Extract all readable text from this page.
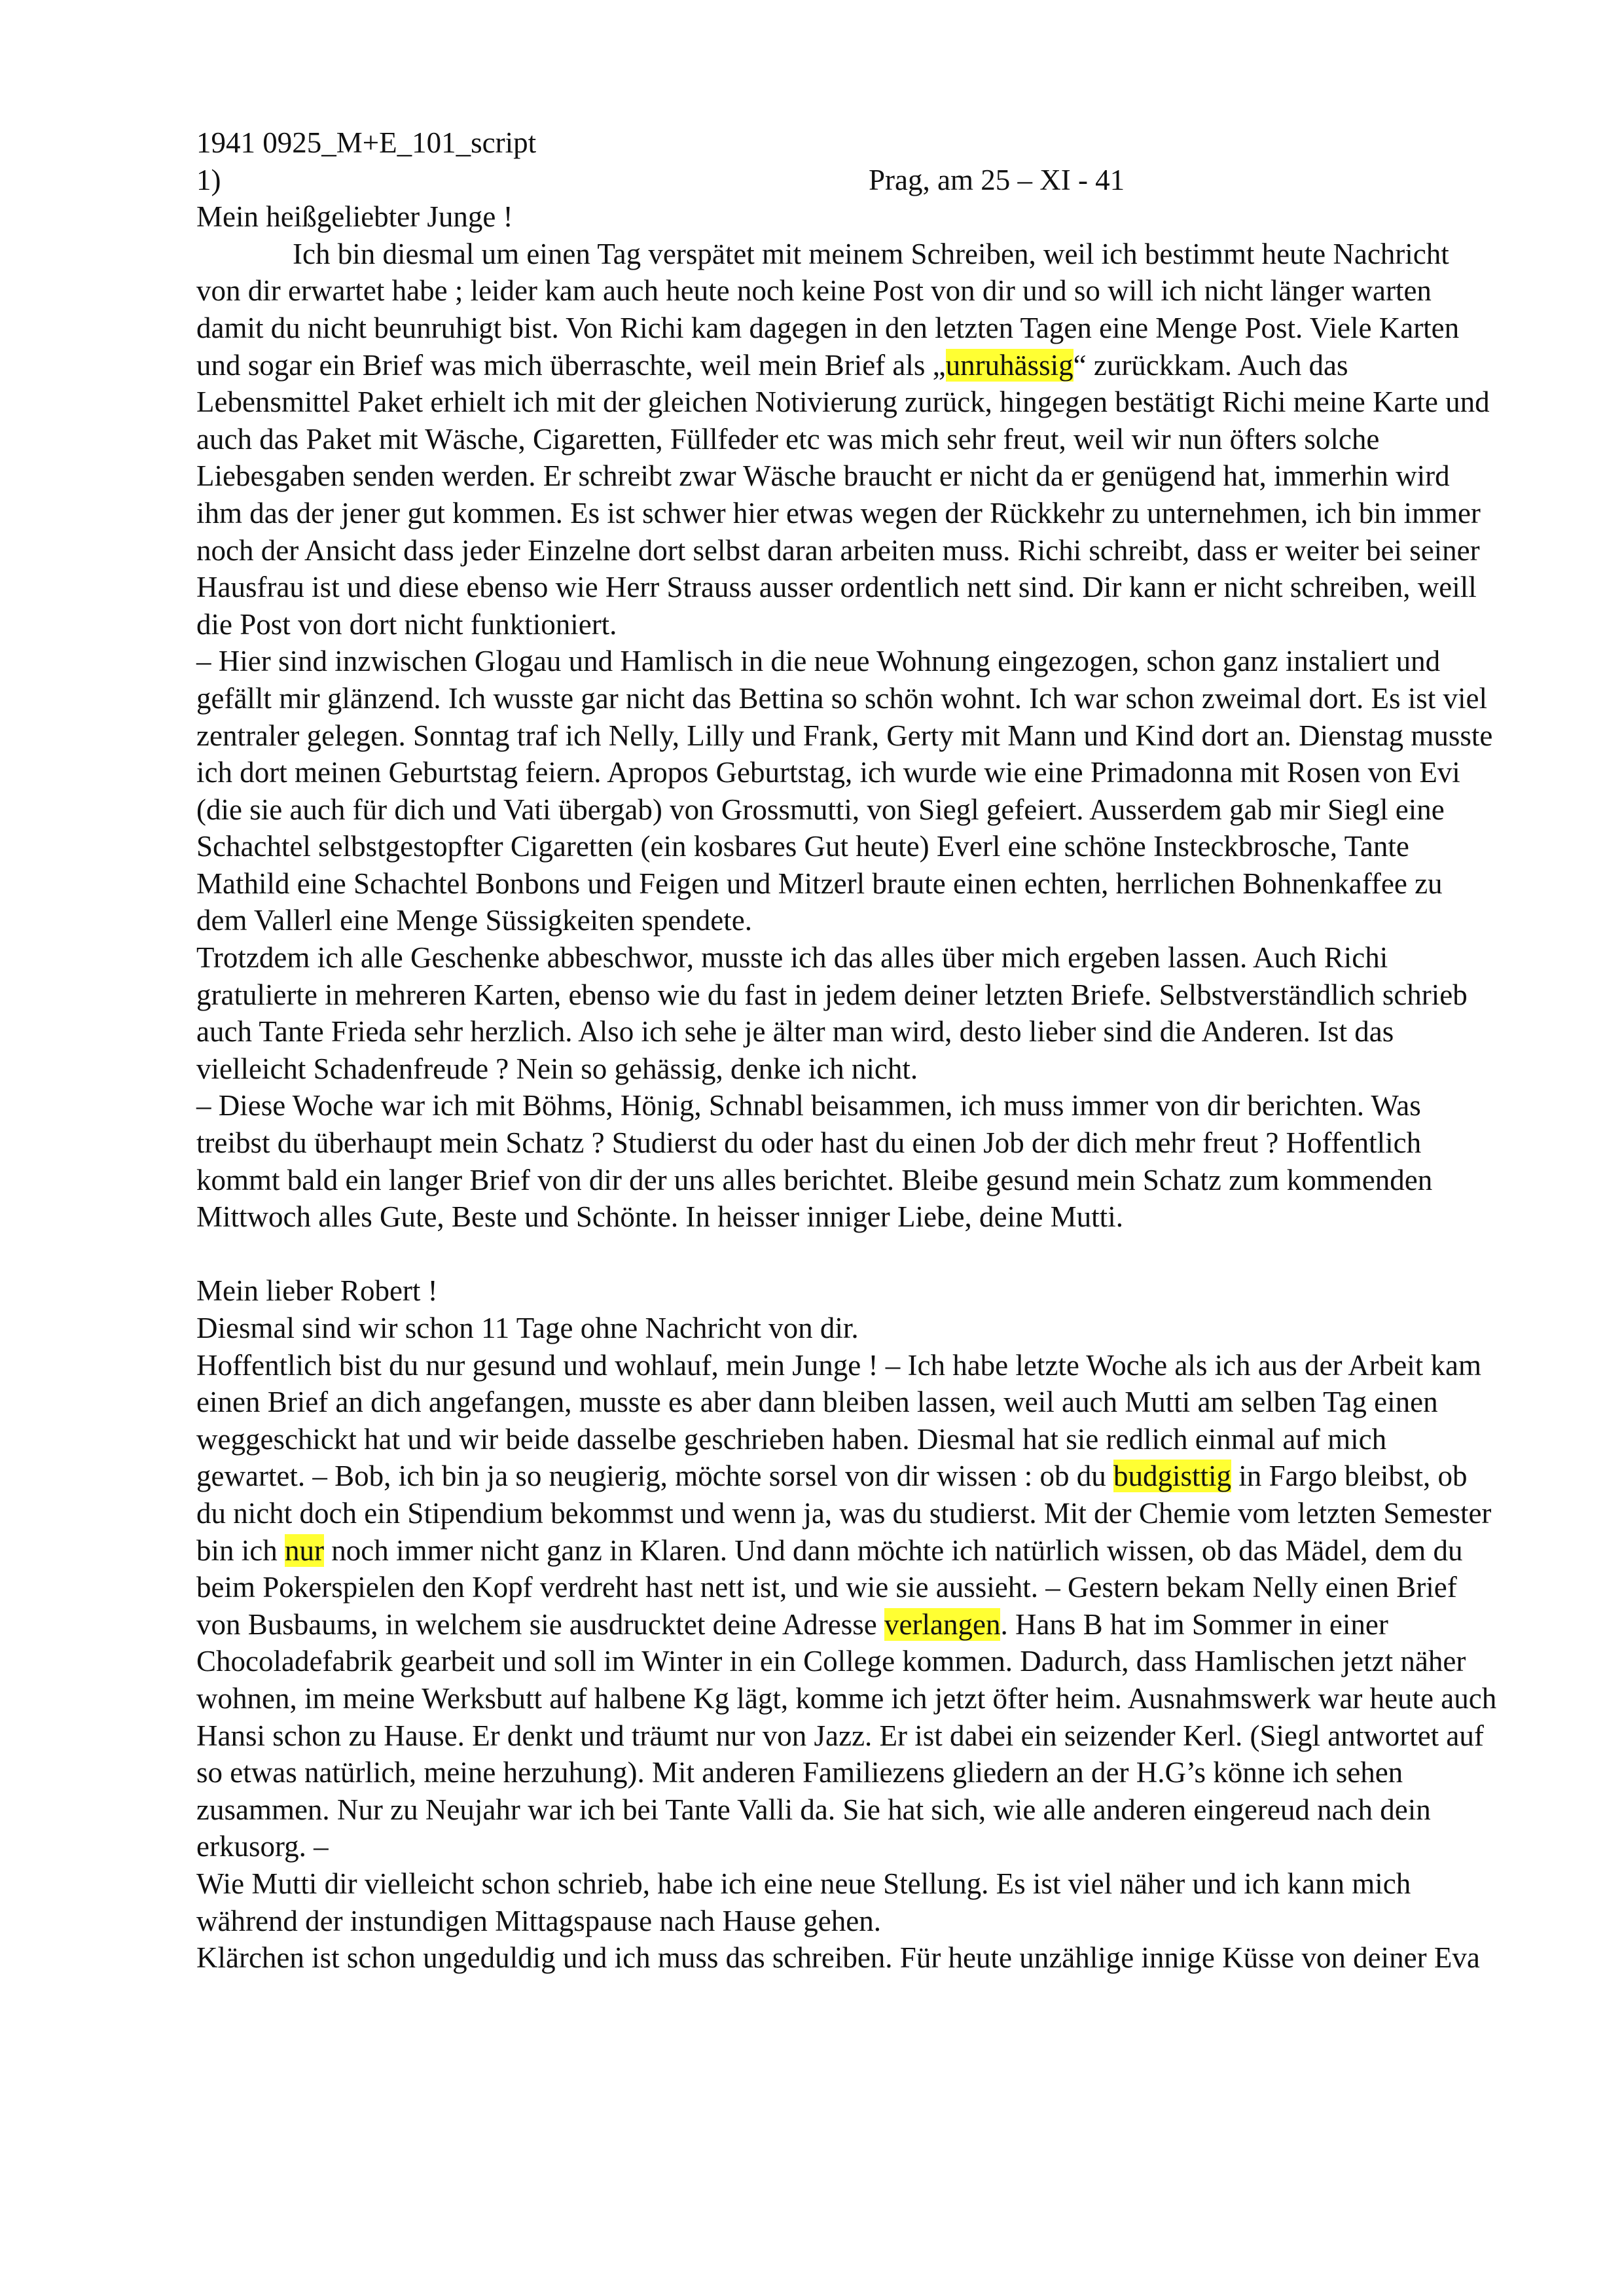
1941 0925_M+E_101_script

1)	Prag, am 25 – XI - 41

Mein heißgeliebter Junge !

Ich bin diesmal um einen Tag verspätet mit meinem Schreiben, weil ich bestimmt heute Nachricht von dir erwartet habe ; leider kam auch heute noch keine Post von dir und so will ich nicht länger warten damit du nicht beunruhigt bist. Von Richi kam dagegen in den letzten Tagen eine Menge Post. Viele Karten und sogar ein Brief was mich überraschte, weil mein Brief als „unruhässig“ zurückkam. Auch das Lebensmittel Paket erhielt ich mit der gleichen Notivierung zurück, hingegen bestätigt Richi meine Karte und auch das Paket mit Wäsche, Cigaretten, Füllfeder etc was mich sehr freut, weil wir nun öfters solche Liebesgaben senden werden. Er schreibt zwar Wäsche braucht er nicht da er genügend hat, immerhin wird ihm das der jener gut kommen. Es ist schwer hier etwas wegen der Rückkehr zu unternehmen, ich bin immer noch der Ansicht dass jeder Einzelne dort selbst daran arbeiten muss. Richi schreibt, dass er weiter bei seiner Hausfrau ist und diese ebenso wie Herr Strauss ausser ordentlich nett sind. Dir kann er nicht schreiben, weill die Post von dort nicht funktioniert.

– Hier sind inzwischen Glogau und Hamlisch in die neue Wohnung eingezogen, schon ganz instaliert und gefällt mir glänzend. Ich wusste gar nicht das Bettina so schön wohnt. Ich war schon zweimal dort. Es ist viel zentraler gelegen. Sonntag traf ich Nelly, Lilly und Frank, Gerty mit Mann und Kind dort an. Dienstag musste ich dort meinen Geburtstag feiern. Apropos Geburtstag, ich wurde wie eine Primadonna mit Rosen von Evi (die sie auch für dich und Vati übergab) von Grossmutti, von Siegl gefeiert. Ausserdem gab mir Siegl eine Schachtel selbstgestopfter Cigaretten (ein kosbares Gut heute) Everl eine schöne Insteckbrosche, Tante Mathild eine Schachtel Bonbons und Feigen und Mitzerl braute einen echten, herrlichen Bohnenkaffee zu dem Vallerl eine Menge Süssigkeiten spendete.

Trotzdem ich alle Geschenke abbeschwor, musste ich das alles über mich ergeben lassen. Auch Richi gratulierte in mehreren Karten, ebenso wie du fast in jedem deiner letzten Briefe. Selbstverständlich schrieb auch Tante Frieda sehr herzlich. Also ich sehe je älter man wird, desto lieber sind die Anderen. Ist das vielleicht Schadenfreude ? Nein so gehässig, denke ich nicht.

– Diese Woche war ich mit Böhms, Hönig, Schnabl beisammen, ich muss immer von dir berichten. Was treibst du überhaupt mein Schatz ? Studierst du oder hast du einen Job der dich mehr freut ? Hoffentlich kommt bald ein langer Brief von dir der uns alles berichtet. Bleibe gesund mein Schatz zum kommenden Mittwoch alles Gute, Beste und Schönte. In heisser inniger Liebe, deine Mutti.

Mein lieber Robert !

Diesmal sind wir schon 11 Tage ohne Nachricht von dir.

Hoffentlich bist du nur gesund und wohlauf, mein Junge ! – Ich habe letzte Woche als ich aus der Arbeit kam einen Brief an dich angefangen, musste es aber dann bleiben lassen, weil auch Mutti am selben Tag einen weggeschickt hat und wir beide dasselbe geschrieben haben. Diesmal hat sie redlich einmal auf mich gewartet. – Bob, ich bin ja so neugierig, möchte sorsel von dir wissen : ob du budgisttig in Fargo bleibst, ob du nicht doch ein Stipendium bekommst und wenn ja, was du studierst. Mit der Chemie vom letzten Semester bin ich nur noch immer nicht ganz in Klaren. Und dann möchte ich natürlich wissen, ob das Mädel, dem du beim Pokerspielen den Kopf verdreht hast nett ist, und wie sie aussieht. – Gestern bekam Nelly einen Brief von Busbaums, in welchem sie ausdrucktet deine Adresse verlangen. Hans B hat im Sommer in einer Chocoladefabrik gearbeit und soll im Winter in ein College kommen. Dadurch, dass Hamlischen jetzt näher wohnen, im meine Werksbutt auf halbene Kg lägt, komme ich jetzt öfter heim. Ausnahmswerk war heute auch Hansi schon zu Hause. Er denkt und träumt nur von Jazz. Er ist dabei ein seizender Kerl. (Siegl antwortet auf so etwas natürlich, meine herzuhung). Mit anderen Familiezens gliedern an der H.G’s könne ich sehen zusammen. Nur zu Neujahr war ich bei Tante Valli da. Sie hat sich, wie alle anderen eingereud nach dein erkusorg. –

Wie Mutti dir vielleicht schon schrieb, habe ich eine neue Stellung. Es ist viel näher und ich kann mich während der instundigen Mittagspause nach Hause gehen.

Klärchen ist schon ungeduldig und ich muss das schreiben. Für heute unzählige innige Küsse von deiner Eva
